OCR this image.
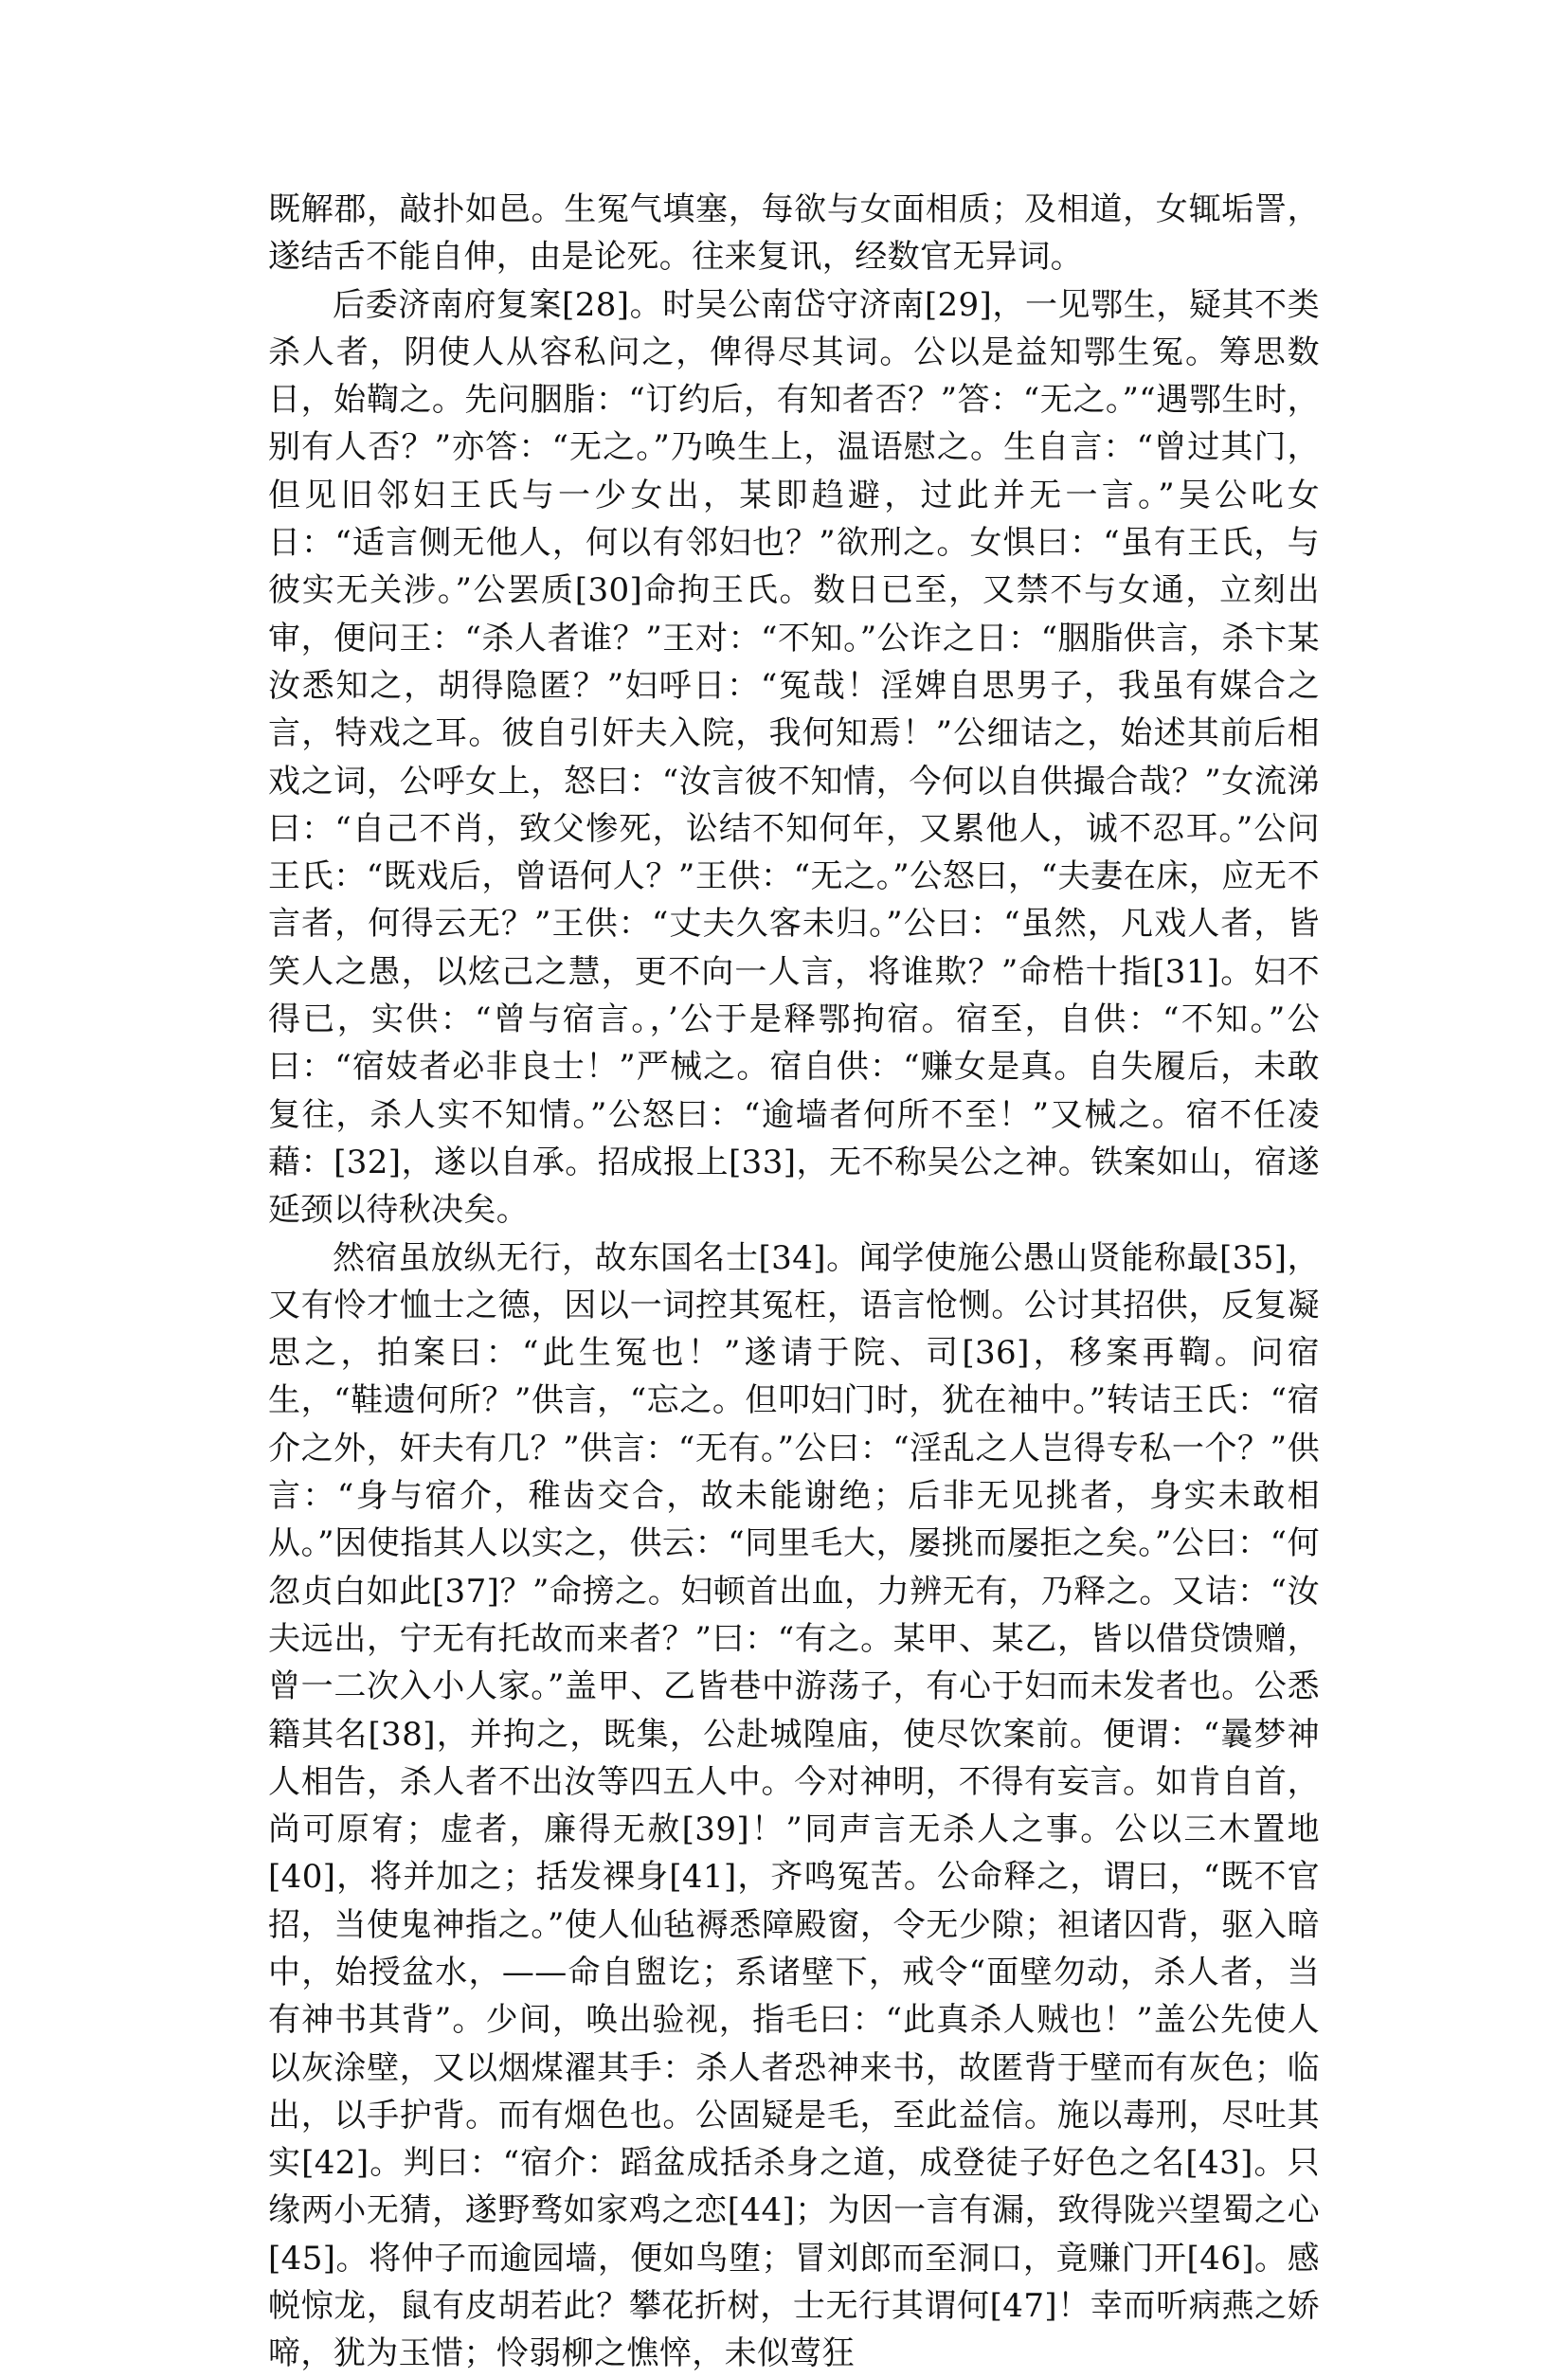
既解郡，敲扑如邑。生冤气填塞，每欲与女面相质；及相道，女辄垢詈，遂结舌不能自伸，由是论死。往来复讯，经数官无异词。

后委济南府复案[28]。时吴公南岱守济南[29]，一见鄂生，疑其不类杀人者，阴使人从容私问之，俾得尽其词。公以是益知鄂生冤。筹思数日，始鞫之。先问胭脂：“订约后，有知者否？”答：“无之。”“遇鄂生时，别有人否？”亦答：“无之。”乃唤生上，温语慰之。生自言：“曾过其门，但见旧邻妇王氏与一少女出，某即趋避，过此并无一言。”吴公叱女日：“适言侧无他人，何以有邻妇也？”欲刑之。女惧曰：“虽有王氏，与彼实无关涉。”公罢质[30]命拘王氏。数日已至，又禁不与女通，立刻出审，便问王：“杀人者谁？”王对：“不知。”公诈之日：“胭脂供言，杀卞某汝悉知之，胡得隐匿？”妇呼日：“冤哉！淫婢自思男子，我虽有媒合之言，特戏之耳。彼自引奸夫入院，我何知焉！”公细诘之，始述其前后相戏之词，公呼女上，怒曰：“汝言彼不知情，今何以自供撮合哉？”女流涕曰：“自己不肖，致父惨死，讼结不知何年，又累他人，诚不忍耳。”公问王氏：“既戏后，曾语何人？”王供：“无之。”公怒曰，“夫妻在床，应无不言者，何得云无？”王供：“丈夫久客未归。”公曰：“虽然，凡戏人者，皆笑人之愚，以炫己之慧，更不向一人言，将谁欺？”命梏十指[31]。妇不得已，实供：“曾与宿言。，’公于是释鄂拘宿。宿至，自供：“不知。”公曰：“宿妓者必非良士！”严械之。宿自供：“赚女是真。自失履后，未敢复往，杀人实不知情。”公怒曰：“逾墙者何所不至！”又械之。宿不任凌藉：[32]，遂以自承。招成报上[33]，无不称吴公之神。铁案如山，宿遂延颈以待秋决矣。

然宿虽放纵无行，故东国名士[34]。闻学使施公愚山贤能称最[35]，又有怜才恤士之德，因以一词控其冤枉，语言怆恻。公讨其招供，反复凝思之，拍案曰：“此生冤也！”遂请于院、司[36]，移案再鞫。问宿生，“鞋遗何所？”供言，“忘之。但叩妇门时，犹在袖中。”转诘王氏：“宿介之外，奸夫有几？”供言：“无有。”公曰：“淫乱之人岂得专私一个？”供言：“身与宿介，稚齿交合，故未能谢绝；后非无见挑者，身实未敢相从。”因使指其人以实之，供云：“同里毛大，屡挑而屡拒之矣。”公曰：“何忽贞白如此[37]？”命搒之。妇顿首出血，力辨无有，乃释之。又诘：“汝夫远出，宁无有托故而来者？”曰：“有之。某甲、某乙，皆以借贷馈赠，曾一二次入小人家。”盖甲、乙皆巷中游荡子，有心于妇而未发者也。公悉籍其名[38]，并拘之，既集，公赴城隍庙，使尽饮案前。便谓：“曩梦神人相告，杀人者不出汝等四五人中。今对神明，不得有妄言。如肯自首，尚可原宥；虚者，廉得无赦[39]！”同声言无杀人之事。公以三木置地[40]，将并加之；括发裸身[41]，齐鸣冤苦。公命释之，谓曰，“既不官招，当使鬼神指之。”使人仙毡褥悉障殿窗，令无少隙；袒诸囚背，驱入暗中，始授盆水，——命自盥讫；系诸壁下，戒令“面壁勿动，杀人者，当有神书其背”。少间，唤出验视，指毛曰：“此真杀人贼也！”盖公先使人以灰涂壁，又以烟煤濯其手：杀人者恐神来书，故匿背于壁而有灰色；临出，以手护背。而有烟色也。公固疑是毛，至此益信。施以毒刑，尽吐其实[42]。判曰：“宿介：蹈盆成括杀身之道，成登徒子好色之名[43]。只缘两小无猜，遂野骛如家鸡之恋[44]；为因一言有漏，致得陇兴望蜀之心[45]。将仲子而逾园墙，便如鸟堕；冒刘郎而至洞口，竟赚门开[46]。感帨惊龙，鼠有皮胡若此？攀花折树，士无行其谓何[47]！幸而听病燕之娇啼，犹为玉惜；怜弱柳之憔悴，未似莺狂
